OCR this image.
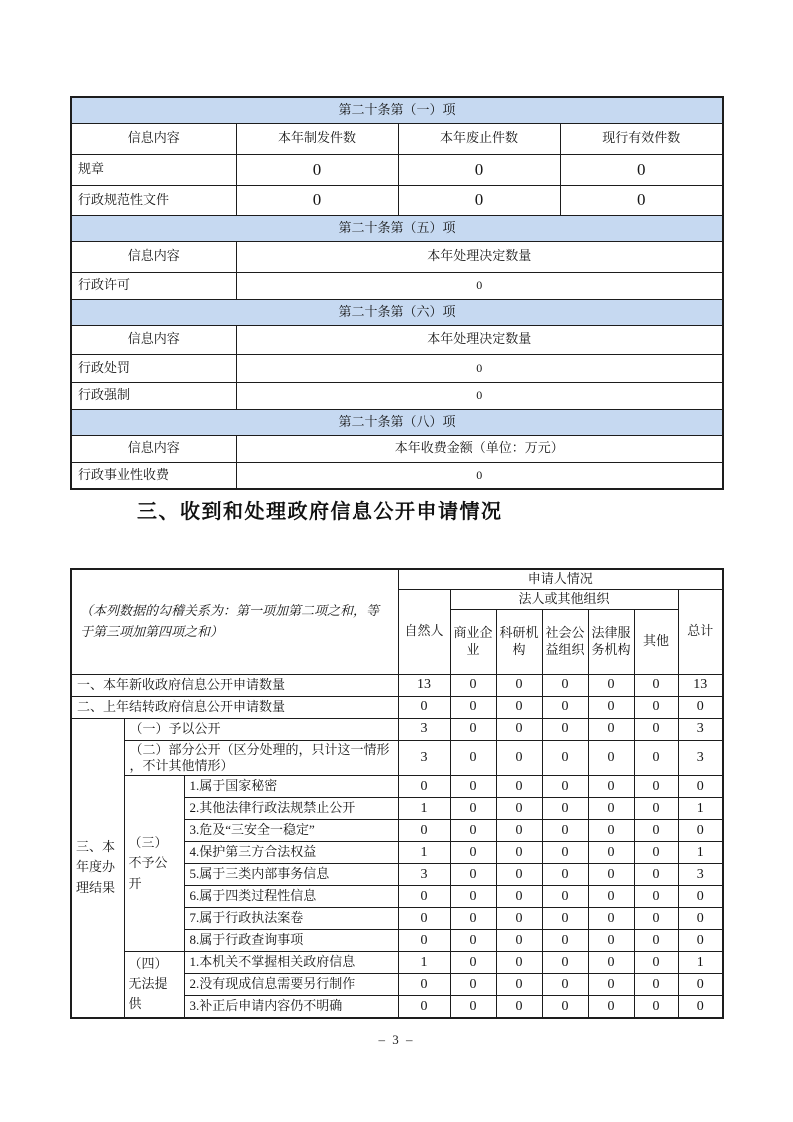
第二十条第（一）项			
信息内容	本年制发件数	本年废止件数	现行有效件数
规章	0	0	0
行政规范性文件	0	0	0
第二十条第（五）项			
信息内容	本年处理决定数量		
行政许可	0		
第二十条第（六）项			
信息内容	本年处理决定数量		
行政处罚	0		
行政强制	0		
第二十条第（八）项			
信息内容	本年收费金额（单位：万元）		
行政事业性收费	0		
三、收到和处理政府信息公开申请情况
（本列数据的勾稽关系为：第一项加第二项之和，等于第三项加第四项之和）			申请人情况						
			自然人	法人或其他组织					总计
				商业企业	科研机构	社会公益组织	法律服务机构	其他	
一、本年新收政府信息公开申请数量			13	0	0	0	0	0	13
二、上年结转政府信息公开申请数量			0	0	0	0	0	0	0
三、本年度办理结果	（一）予以公开		3	0	0	0	0	0	3
	（二）部分公开（区分处理的，只计这一情形，不计其他情形）		3	0	0	0	0	0	3
	（三）不予公开	1.属于国家秘密	0	0	0	0	0	0	0
		2.其他法律行政法规禁止公开	1	0	0	0	0	0	1
		3.危及“三安全一稳定”	0	0	0	0	0	0	0
		4.保护第三方合法权益	1	0	0	0	0	0	1
		5.属于三类内部事务信息	3	0	0	0	0	0	3
		6.属于四类过程性信息	0	0	0	0	0	0	0
		7.属于行政执法案卷	0	0	0	0	0	0	0
		8.属于行政查询事项	0	0	0	0	0	0	0
	（四）无法提供	1.本机关不掌握相关政府信息	1	0	0	0	0	0	1
		2.没有现成信息需要另行制作	0	0	0	0	0	0	0
		3.补正后申请内容仍不明确	0	0	0	0	0	0	0
– 3 –
